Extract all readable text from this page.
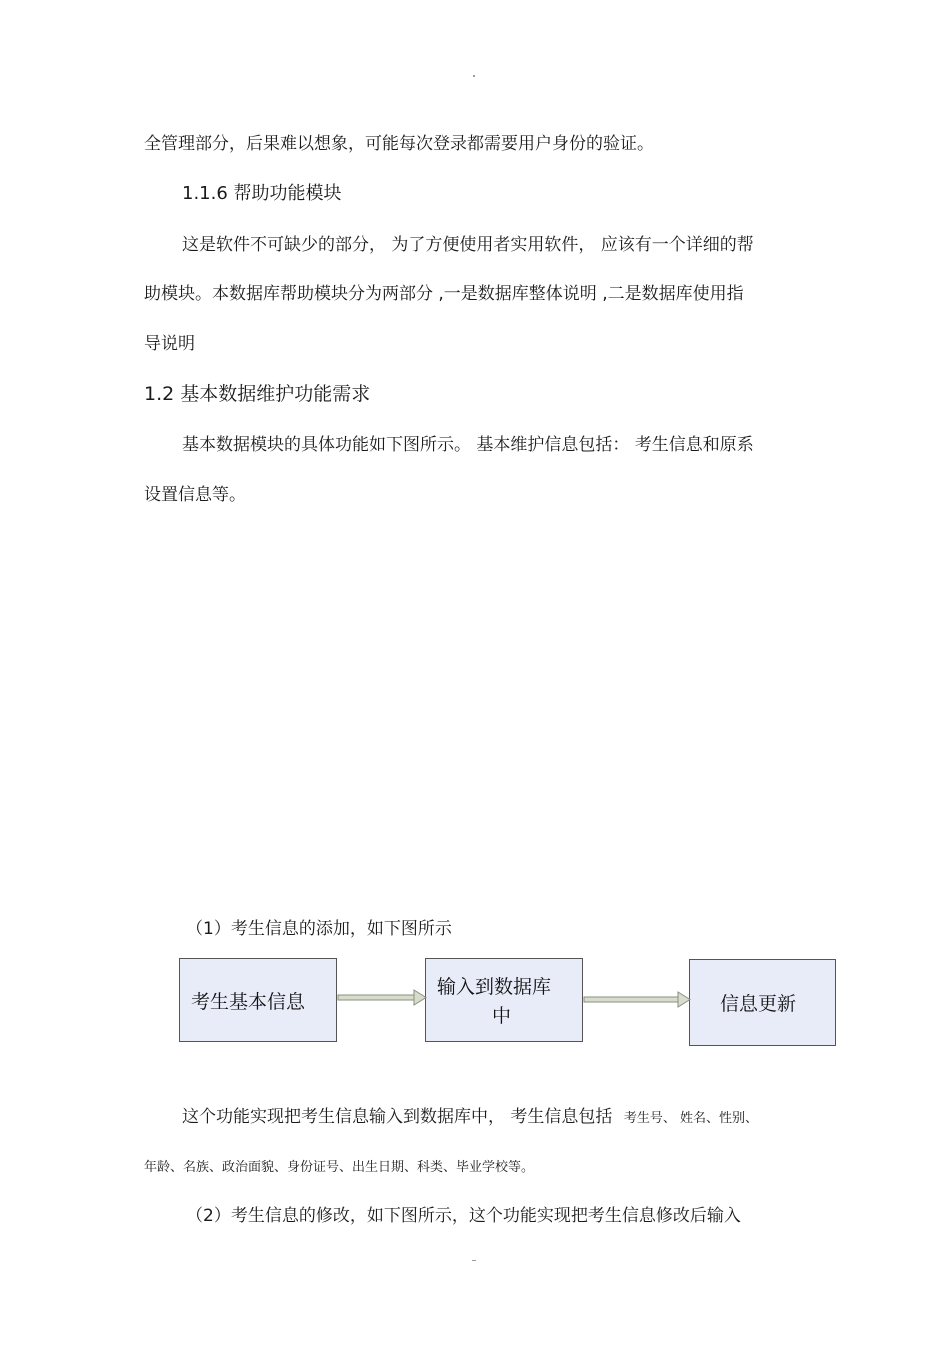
全管理部分，后果难以想象，可能每次登录都需要用户身份的验证。
1.1.6 帮助功能模块
这是软件不可缺少的部分， 为了方便使用者实用软件， 应该有一个详细的帮
助模块。本数据库帮助模块分为两部分 ,一是数据库整体说明 ,二是数据库使用指
导说明
1.2 基本数据维护功能需求
基本数据模块的具体功能如下图所示。 基本维护信息包括： 考生信息和原系
设置信息等。
（1）考生信息的添加，如下图所示
考生基本信息
输入到数据库
中
信息更新
这个功能实现把考生信息输入到数据库中， 考生信息包括 考生号、 姓名、性别、
年龄、名族、政治面貌、身份证号、出生日期、科类、毕业学校等。
（2）考生信息的修改，如下图所示，这个功能实现把考生信息修改后输入
